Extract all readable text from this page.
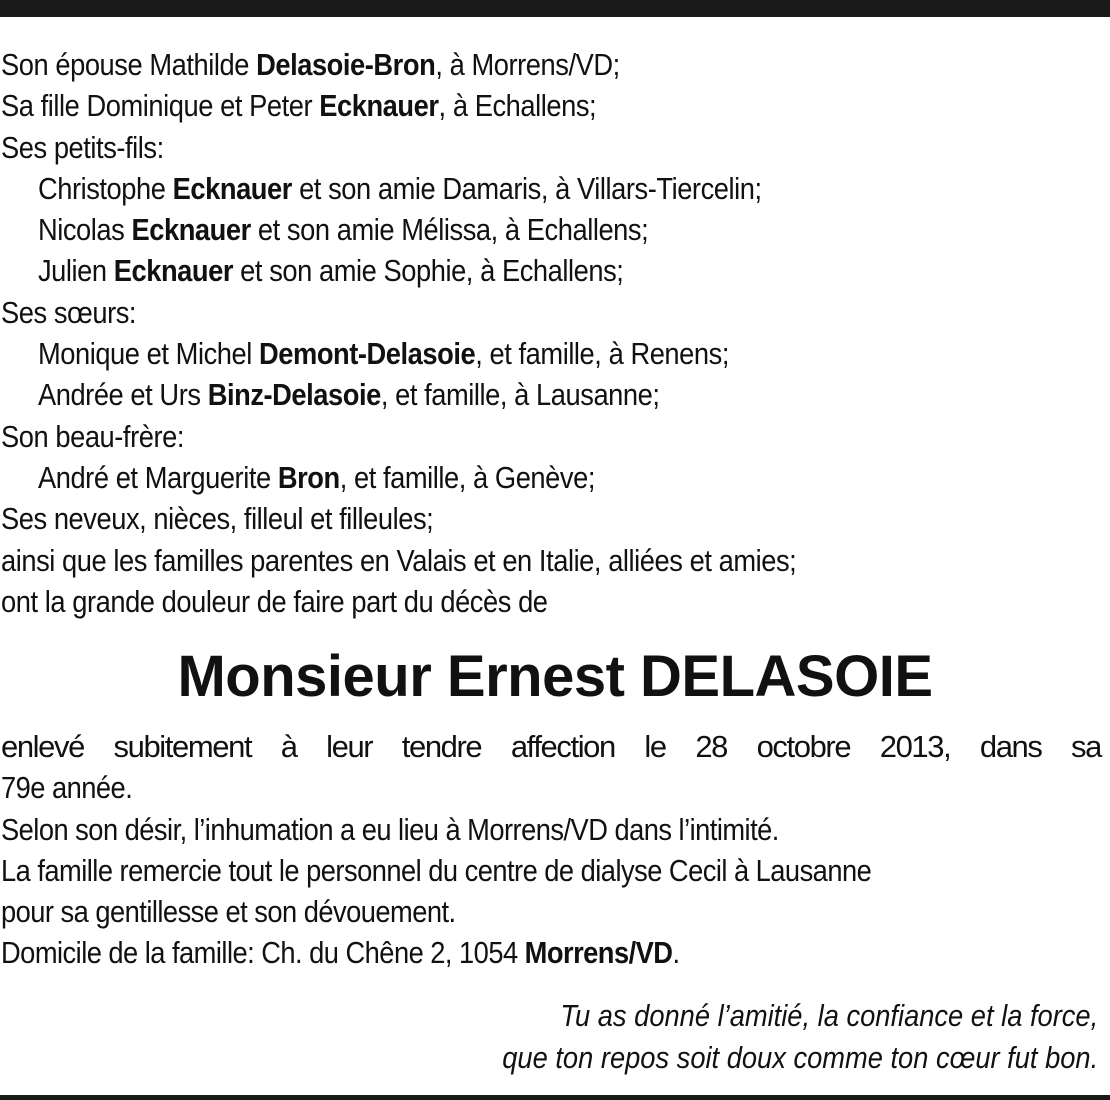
Son épouse Mathilde Delasoie-Bron, à Morrens/VD;
Sa fille Dominique et Peter Ecknauer, à Echallens;
Ses petits-fils:
Christophe Ecknauer et son amie Damaris, à Villars-Tiercelin;
Nicolas Ecknauer et son amie Mélissa, à Echallens;
Julien Ecknauer et son amie Sophie, à Echallens;
Ses sœurs:
Monique et Michel Demont-Delasoie, et famille, à Renens;
Andrée et Urs Binz-Delasoie, et famille, à Lausanne;
Son beau-frère:
André et Marguerite Bron, et famille, à Genève;
Ses neveux, nièces, filleul et filleules;
ainsi que les familles parentes en Valais et en Italie, alliées et amies;
ont la grande douleur de faire part du décès de
Monsieur Ernest DELASOIE
enlevé subitement à leur tendre affection le 28 octobre 2013, dans sa
79e année.
Selon son désir, l’inhumation a eu lieu à Morrens/VD dans l’intimité.
La famille remercie tout le personnel du centre de dialyse Cecil à Lausanne
pour sa gentillesse et son dévouement.
Domicile de la famille: Ch. du Chêne 2, 1054 Morrens/VD.
Tu as donné l’amitié, la confiance et la force,
que ton repos soit doux comme ton cœur fut bon.
